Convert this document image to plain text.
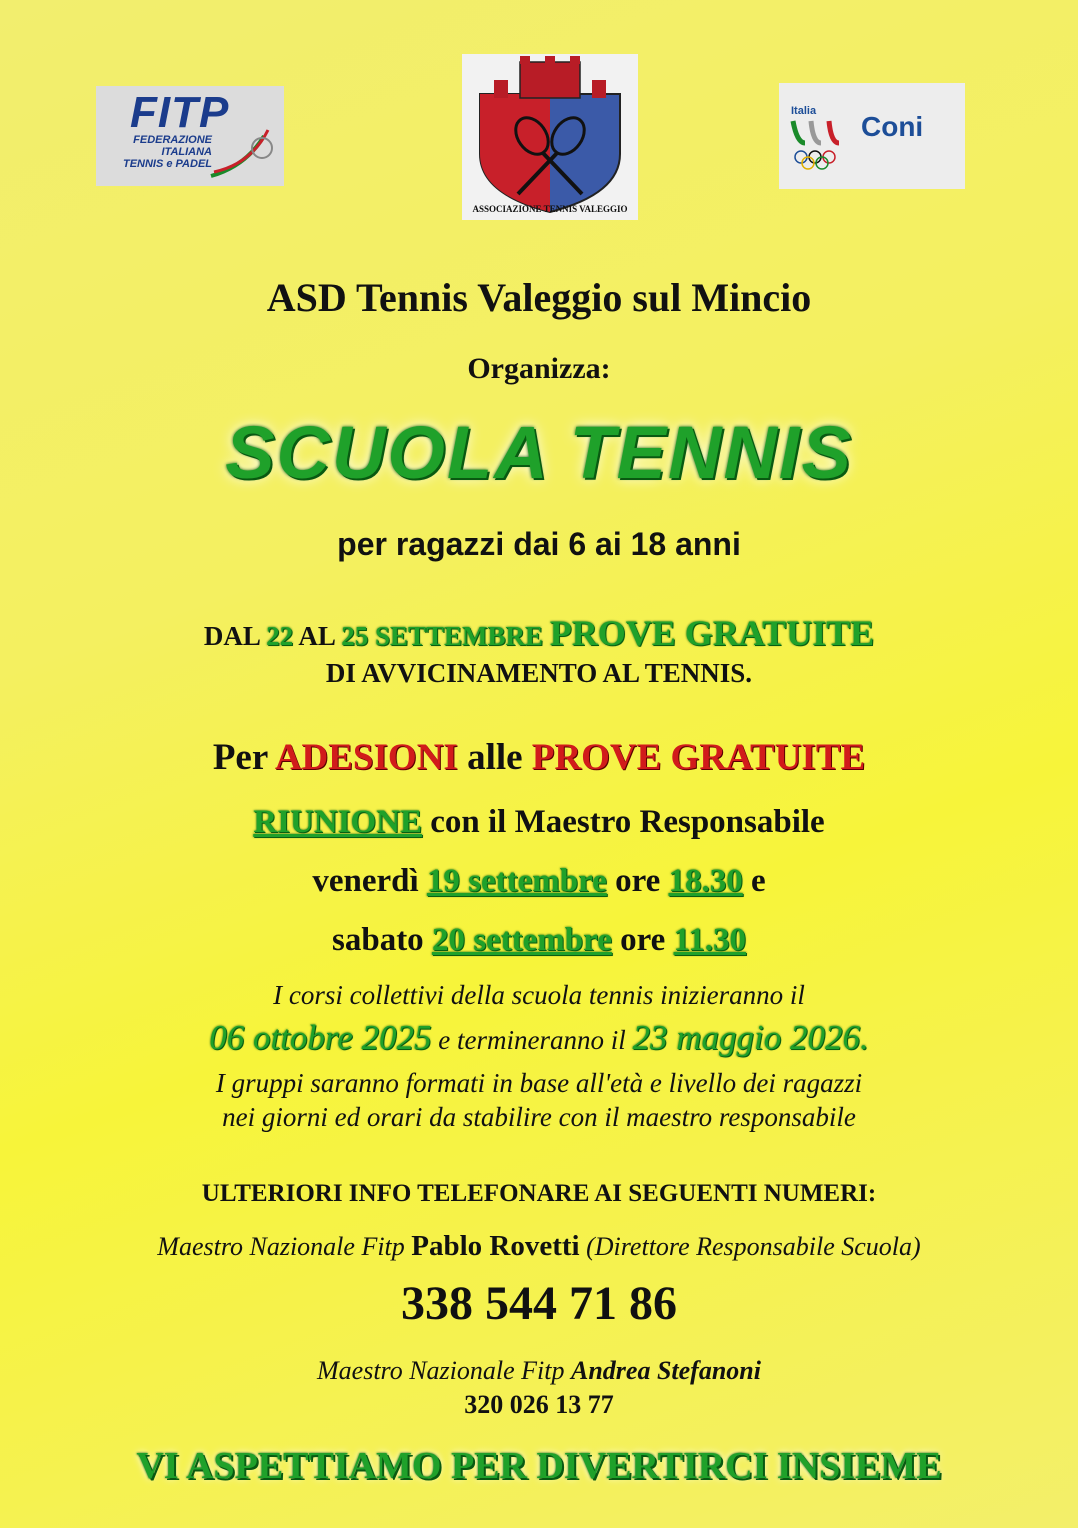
FITP
FEDERAZIONE
ITALIANA
TENNIS e PADEL
ASSOCIAZIONE TENNIS VALEGGIO
Italia Coni
ASD Tennis Valeggio sul Mincio
Organizza:
SCUOLA TENNIS
per ragazzi dai 6 ai 18 anni
DAL 22 AL 25 SETTEMBRE PROVE GRATUITE
DI AVVICINAMENTO AL TENNIS.
Per ADESIONI alle PROVE GRATUITE
RIUNIONE con il Maestro Responsabile
venerdì 19 settembre ore 18.30 e
sabato 20 settembre ore 11.30
I corsi collettivi della scuola tennis inizieranno il
06 ottobre 2025 e termineranno il 23 maggio 2026.
I gruppi saranno formati in base all'età e livello dei ragazzi
nei giorni ed orari da stabilire con il maestro responsabile
ULTERIORI INFO TELEFONARE AI SEGUENTI NUMERI:
Maestro Nazionale Fitp Pablo Rovetti (Direttore Responsabile Scuola)
338 544 71 86
Maestro Nazionale Fitp Andrea Stefanoni
320 026 13 77
VI ASPETTIAMO PER DIVERTIRCI INSIEME
